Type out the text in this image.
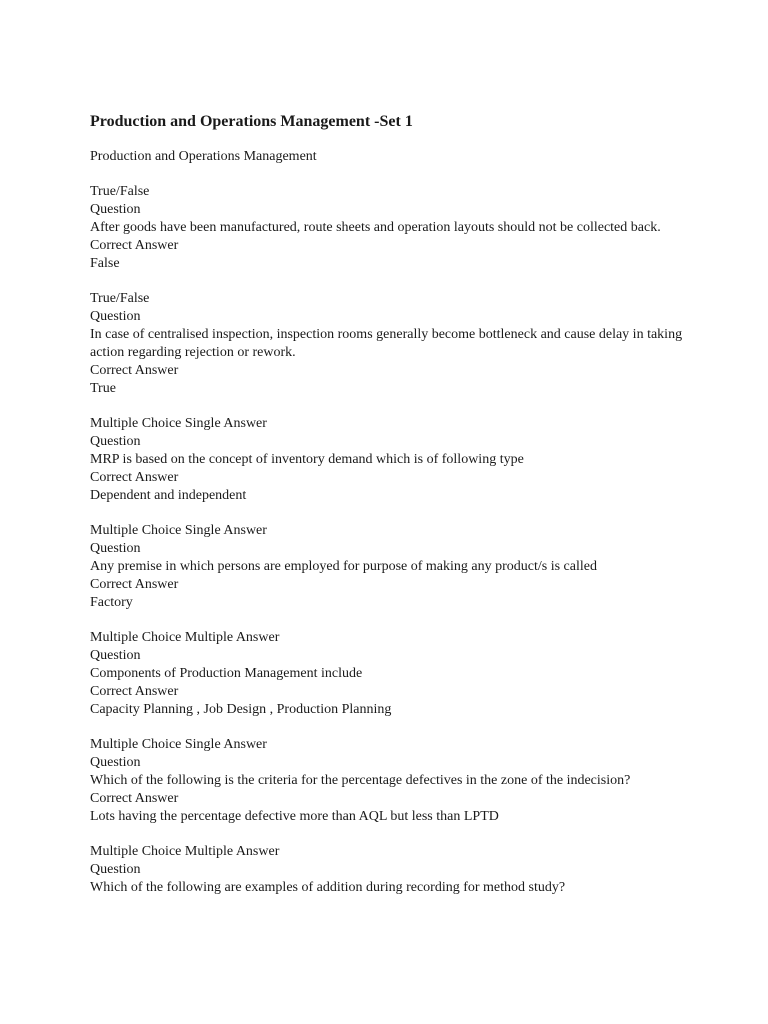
Production and Operations Management -Set 1
Production and Operations Management
True/False
Question
After goods have been manufactured, route sheets and operation layouts should not be collected back.
Correct Answer
False
True/False
Question
In case of centralised inspection, inspection rooms generally become bottleneck and cause delay in taking action regarding rejection or rework.
Correct Answer
True
Multiple Choice Single Answer
Question
MRP is based on the concept of inventory demand which is of following type
Correct Answer
Dependent and independent
Multiple Choice Single Answer
Question
Any premise in which persons are employed for purpose of making any product/s is called
Correct Answer
Factory
Multiple Choice Multiple Answer
Question
Components of Production Management include
Correct Answer
Capacity Planning , Job Design , Production Planning
Multiple Choice Single Answer
Question
Which of the following is the criteria for the percentage defectives in the zone of the indecision?
Correct Answer
Lots having the percentage defective more than AQL but less than LPTD
Multiple Choice Multiple Answer
Question
Which of the following are examples of addition during recording for method study?
